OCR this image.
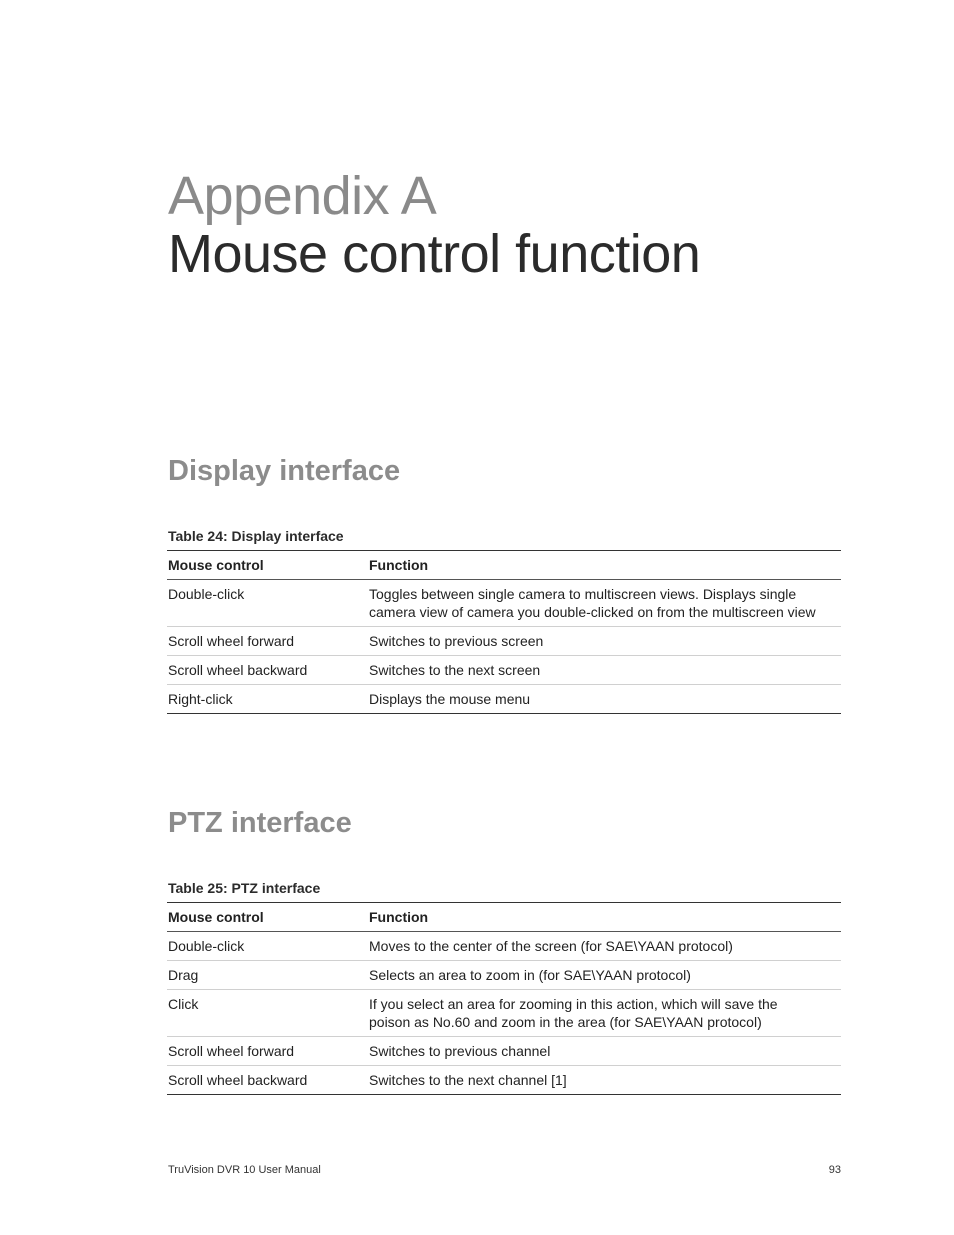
Appendix A
Mouse control function
Display interface
Table 24: Display interface
Mouse control	Function
Double-click	Toggles between single camera to multiscreen views. Displays single camera view of camera you double-clicked on from the multiscreen view
Scroll wheel forward	Switches to previous screen
Scroll wheel backward	Switches to the next screen
Right-click	Displays the mouse menu
PTZ interface
Table 25: PTZ interface
Mouse control	Function
Double-click	Moves to the center of the screen (for SAE\YAAN protocol)
Drag	Selects an area to zoom in (for SAE\YAAN protocol)
Click	If you select an area for zooming in this action, which will save the poison as No.60 and zoom in the area (for SAE\YAAN protocol)
Scroll wheel forward	Switches to previous channel
Scroll wheel backward	Switches to the next channel [1]
TruVision DVR 10 User Manual	93
